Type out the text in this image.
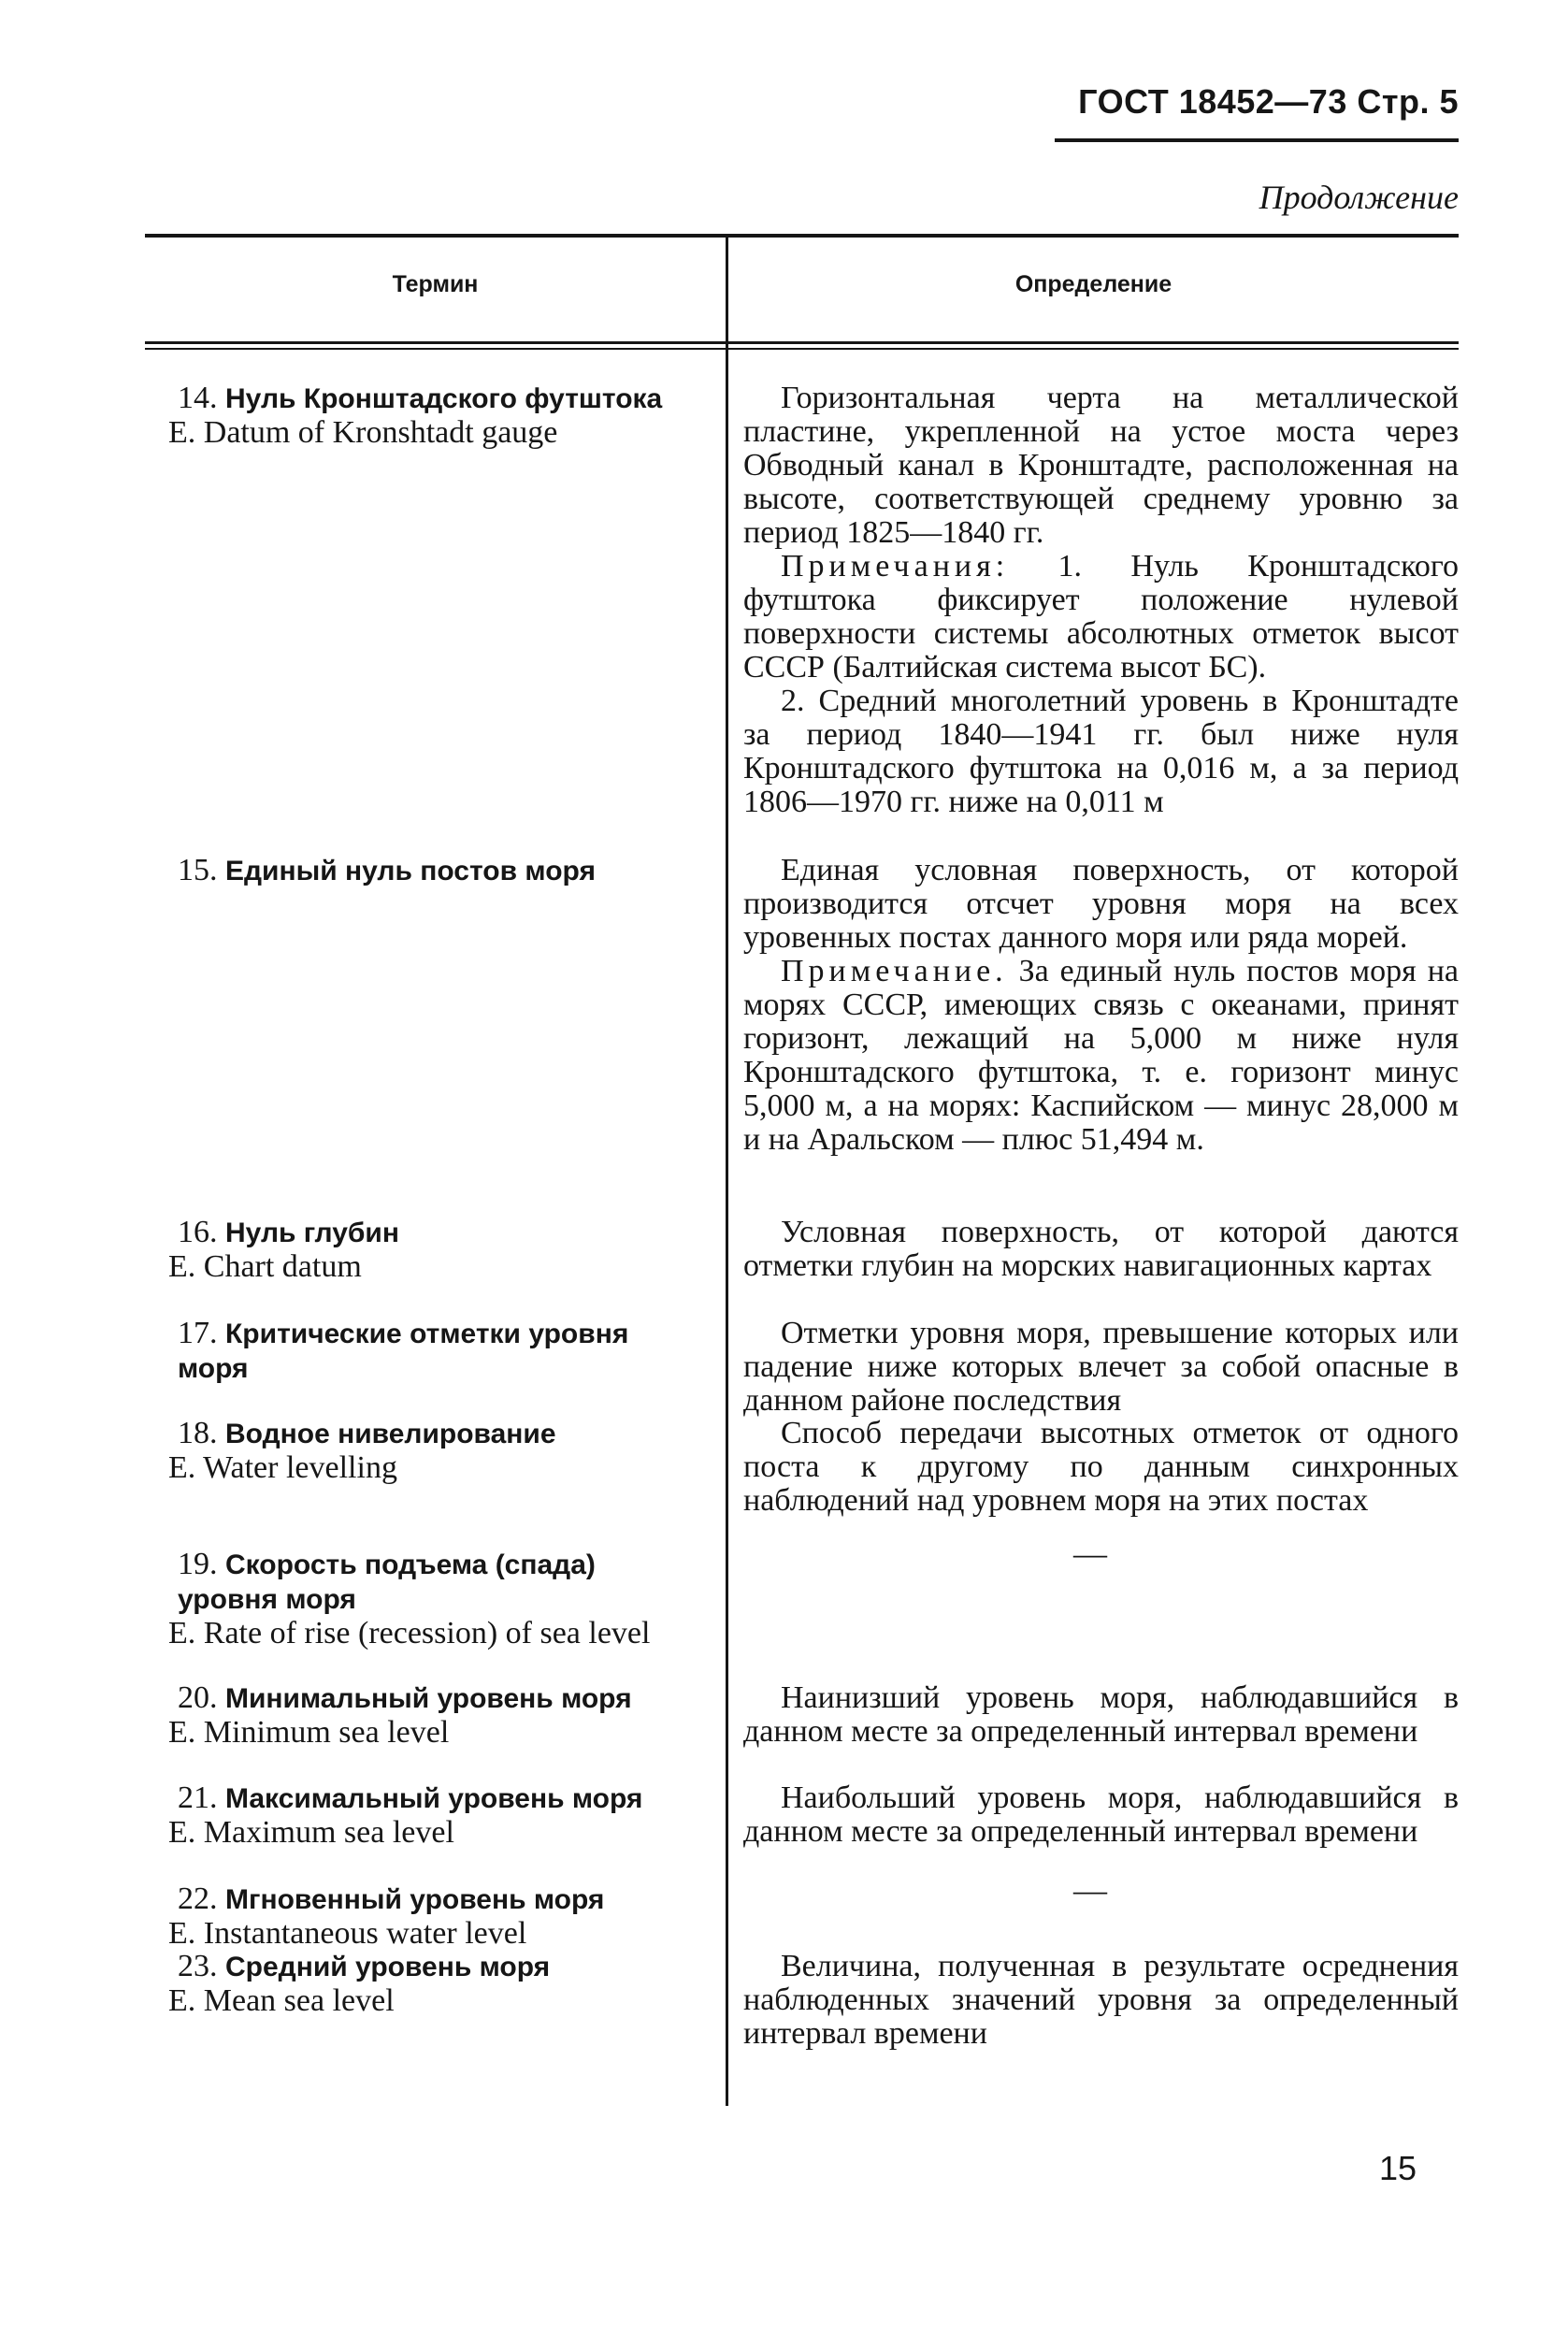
ГОСТ 18452—73 Стр. 5
Продолжение
Термин	Определение
14. Нуль Кронштадского футштока
E. Datum of Kronshtadt gauge

Горизонтальная черта на металлической пластине, укрепленной на устое моста через Обводный канал в Кронштадте, расположенная на высоте, соответствующей среднему уровню за период 1825—1840 гг.

Примечания: 1. Нуль Кронштадского футштока фиксирует положение нулевой поверхности системы абсолютных отметок высот СССР (Балтийская система высот БС).

2. Средний многолетний уровень в Кронштадте за период 1840—1941 гг. был ниже нуля Кронштадского футштока на 0,016 м, а за период 1806—1970 гг. ниже на 0,011 м

15. Единый нуль постов моря	Единая условная поверхность, от которой производится отсчет уровня моря на всех уровенных постах данного моря или ряда морей.

Примечание. За единый нуль постов моря на морях СССР, имеющих связь с океанами, принят горизонт, лежащий на 5,000 м ниже нуля Кронштадского футштока, т. е. горизонт минус 5,000 м, а на морях: Каспийском — минус 28,000 м и на Аральском — плюс 51,494 м.

16. Нуль глубин
E. Chart datum

Условная поверхность, от которой даются отметки глубин на морских навигационных картах

17. Критические отметки уровня моря

Отметки уровня моря, превышение которых или падение ниже которых влечет за собой опасные в данном районе последствия

18. Водное нивелирование
E. Water levelling

Способ передачи высотных отметок от одного поста к другому по данным синхронных наблюдений над уровнем моря на этих постах

19. Скорость подъема (спада) уровня моря
E. Rate of rise (recession) of sea level
—
20. Минимальный уровень моря
E. Minimum sea level

Наинизший уровень моря, наблюдавшийся в данном месте за определенный интервал времени

21. Максимальный уровень моря
E. Maximum sea level

Наибольший уровень моря, наблюдавшийся в данном месте за определенный интервал времени

22. Мгновенный уровень моря
E. Instantaneous water level
—
23. Средний уровень моря
E. Mean sea level

Величина, полученная в результате осреднения наблюденных значений уровня за определенный интервал времени

15
